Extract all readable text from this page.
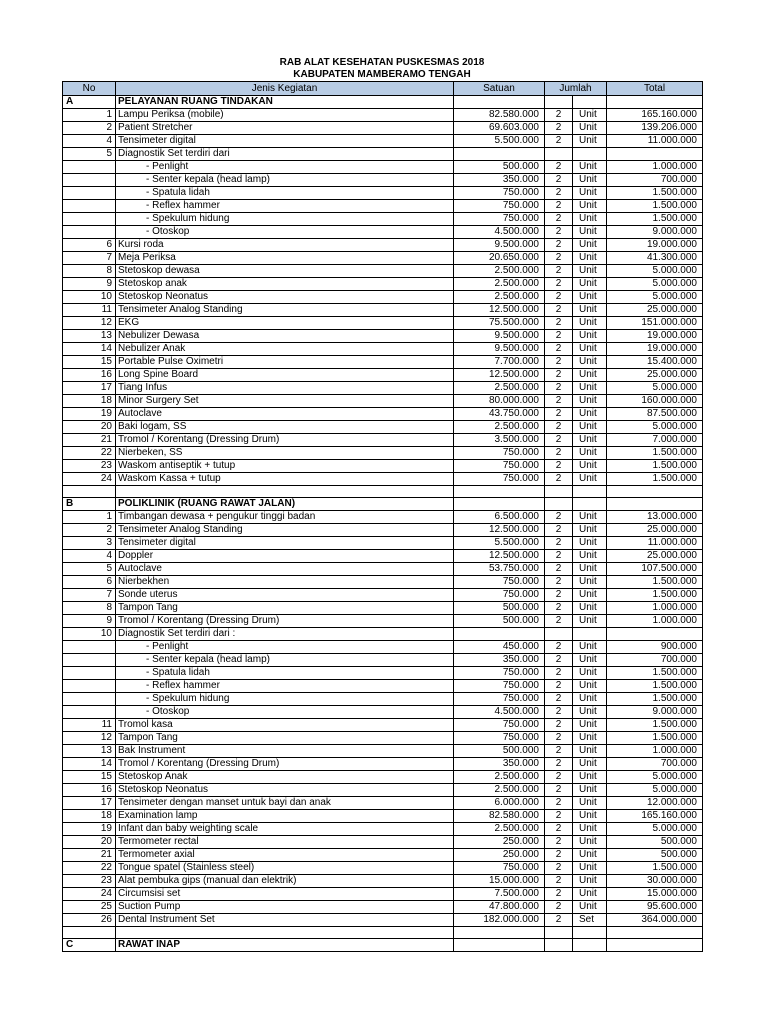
RAB ALAT KESEHATAN PUSKESMAS 2018
KABUPATEN MAMBERAMO TENGAH
No	Jenis Kegiatan	Satuan	Jumlah		Total
A	PELAYANAN RUANG TINDAKAN				
1	Lampu Periksa (mobile)	82.580.000	2	Unit	165.160.000
2	Patient Stretcher	69.603.000	2	Unit	139.206.000
4	Tensimeter digital	5.500.000	2	Unit	11.000.000
5	Diagnostik Set terdiri dari				
	- Penlight	500.000	2	Unit	1.000.000
	- Senter kepala (head lamp)	350.000	2	Unit	700.000
	- Spatula lidah	750.000	2	Unit	1.500.000
	- Reflex hammer	750.000	2	Unit	1.500.000
	- Spekulum hidung	750.000	2	Unit	1.500.000
	- Otoskop	4.500.000	2	Unit	9.000.000
6	Kursi roda	9.500.000	2	Unit	19.000.000
7	Meja Periksa	20.650.000	2	Unit	41.300.000
8	Stetoskop dewasa	2.500.000	2	Unit	5.000.000
9	Stetoskop anak	2.500.000	2	Unit	5.000.000
10	Stetoskop Neonatus	2.500.000	2	Unit	5.000.000
11	Tensimeter Analog Standing	12.500.000	2	Unit	25.000.000
12	EKG	75.500.000	2	Unit	151.000.000
13	Nebulizer Dewasa	9.500.000	2	Unit	19.000.000
14	Nebulizer Anak	9.500.000	2	Unit	19.000.000
15	Portable Pulse Oximetri	7.700.000	2	Unit	15.400.000
16	Long Spine Board	12.500.000	2	Unit	25.000.000
17	Tiang Infus	2.500.000	2	Unit	5.000.000
18	Minor Surgery Set	80.000.000	2	Unit	160.000.000
19	Autoclave	43.750.000	2	Unit	87.500.000
20	Baki logam, SS	2.500.000	2	Unit	5.000.000
21	Tromol / Korentang (Dressing Drum)	3.500.000	2	Unit	7.000.000
22	Nierbeken, SS	750.000	2	Unit	1.500.000
23	Waskom antiseptik + tutup	750.000	2	Unit	1.500.000
24	Waskom Kassa + tutup	750.000	2	Unit	1.500.000

B	POLIKLINIK (RUANG RAWAT JALAN)				
1	Timbangan dewasa + pengukur tinggi badan	6.500.000	2	Unit	13.000.000
2	Tensimeter Analog Standing	12.500.000	2	Unit	25.000.000
3	Tensimeter digital	5.500.000	2	Unit	11.000.000
4	Doppler	12.500.000	2	Unit	25.000.000
5	Autoclave	53.750.000	2	Unit	107.500.000
6	Nierbekhen	750.000	2	Unit	1.500.000
7	Sonde uterus	750.000	2	Unit	1.500.000
8	Tampon Tang	500.000	2	Unit	1.000.000
9	Tromol / Korentang (Dressing Drum)	500.000	2	Unit	1.000.000
10	Diagnostik Set terdiri dari :				
	- Penlight	450.000	2	Unit	900.000
	- Senter kepala (head lamp)	350.000	2	Unit	700.000
	- Spatula lidah	750.000	2	Unit	1.500.000
	- Reflex hammer	750.000	2	Unit	1.500.000
	- Spekulum hidung	750.000	2	Unit	1.500.000
	- Otoskop	4.500.000	2	Unit	9.000.000
11	Tromol kasa	750.000	2	Unit	1.500.000
12	Tampon Tang	750.000	2	Unit	1.500.000
13	Bak Instrument	500.000	2	Unit	1.000.000
14	Tromol / Korentang (Dressing Drum)	350.000	2	Unit	700.000
15	Stetoskop Anak	2.500.000	2	Unit	5.000.000
16	Stetoskop Neonatus	2.500.000	2	Unit	5.000.000
17	Tensimeter dengan manset untuk bayi dan anak	6.000.000	2	Unit	12.000.000
18	Examination lamp	82.580.000	2	Unit	165.160.000
19	Infant dan baby weighting scale	2.500.000	2	Unit	5.000.000
20	Termometer rectal	250.000	2	Unit	500.000
21	Termometer axial	250.000	2	Unit	500.000
22	Tongue spatel (Stainless steel)	750.000	2	Unit	1.500.000
23	Alat pembuka gips (manual dan elektrik)	15.000.000	2	Unit	30.000.000
24	Circumsisi set	7.500.000	2	Unit	15.000.000
25	Suction Pump	47.800.000	2	Unit	95.600.000
26	Dental Instrument Set	182.000.000	2	Set	364.000.000

C	RAWAT INAP				
